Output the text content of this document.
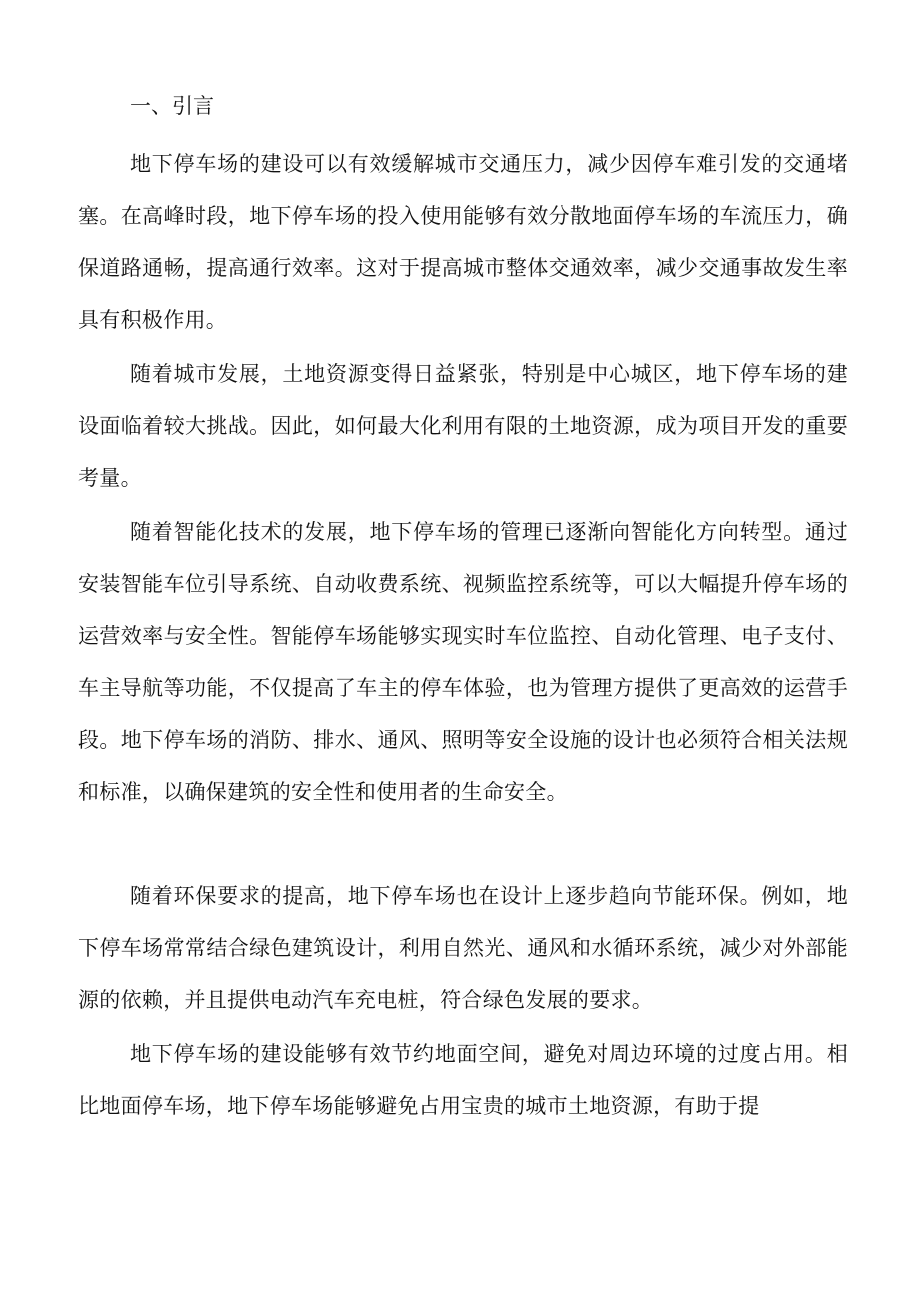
一、引言

地下停车场的建设可以有效缓解城市交通压力，减少因停车难引发的交通堵塞。在高峰时段，地下停车场的投入使用能够有效分散地面停车场的车流压力，确保道路通畅，提高通行效率。这对于提高城市整体交通效率，减少交通事故发生率具有积极作用。

随着城市发展，土地资源变得日益紧张，特别是中心城区，地下停车场的建设面临着较大挑战。因此，如何最大化利用有限的土地资源，成为项目开发的重要考量。

随着智能化技术的发展，地下停车场的管理已逐渐向智能化方向转型。通过安装智能车位引导系统、自动收费系统、视频监控系统等，可以大幅提升停车场的运营效率与安全性。智能停车场能够实现实时车位监控、自动化管理、电子支付、车主导航等功能，不仅提高了车主的停车体验，也为管理方提供了更高效的运营手段。地下停车场的消防、排水、通风、照明等安全设施的设计也必须符合相关法规和标准，以确保建筑的安全性和使用者的生命安全。

随着环保要求的提高，地下停车场也在设计上逐步趋向节能环保。例如，地下停车场常常结合绿色建筑设计，利用自然光、通风和水循环系统，减少对外部能源的依赖，并且提供电动汽车充电桩，符合绿色发展的要求。

地下停车场的建设能够有效节约地面空间，避免对周边环境的过度占用。相比地面停车场，地下停车场能够避免占用宝贵的城市土地资源，有助于提
